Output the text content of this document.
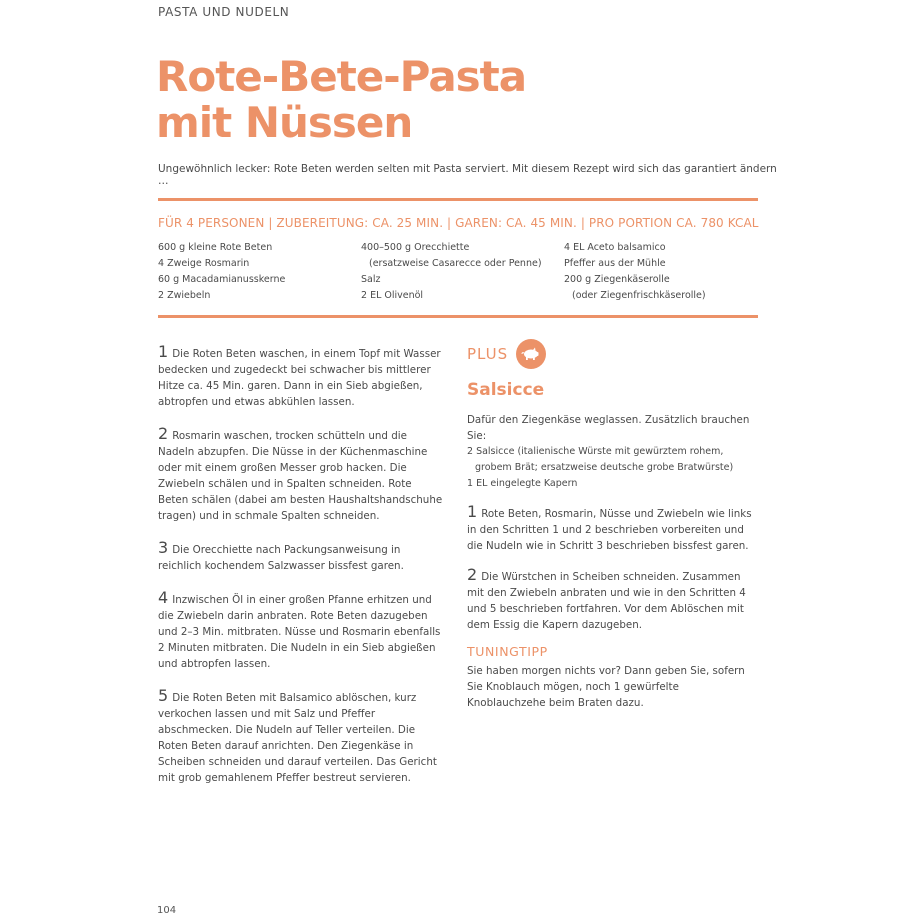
PASTA UND NUDELN
Rote-Bete-Pasta
mit Nüssen
Ungewöhnlich lecker: Rote Beten werden selten mit Pasta serviert. Mit diesem Rezept wird sich das garantiert ändern …
FÜR 4 PERSONEN | ZUBEREITUNG: CA. 25 MIN. | GAREN: CA. 45 MIN. | PRO PORTION CA. 780 KCAL
600 g kleine Rote Beten
4 Zweige Rosmarin
60 g Macadamianusskerne
2 Zwiebeln
400–500 g Orecchiette
(ersatzweise Casarecce oder Penne)
Salz
2 EL Olivenöl
4 EL Aceto balsamico
Pfeffer aus der Mühle
200 g Ziegenkäserolle
(oder Ziegenfrischkäserolle)
1 Die Roten Beten waschen, in einem Topf mit Wasser bedecken und zugedeckt bei schwacher bis mittlerer Hitze ca. 45 Min. garen. Dann in ein Sieb abgießen, abtropfen und etwas abkühlen lassen.
2 Rosmarin waschen, trocken schütteln und die Nadeln abzupfen. Die Nüsse in der Küchenmaschine oder mit einem großen Messer grob hacken. Die Zwiebeln schälen und in Spalten schneiden. Rote Beten schälen (dabei am besten Haushaltshandschuhe tragen) und in schmale Spalten schneiden.
3 Die Orecchiette nach Packungsanweisung in reichlich kochendem Salzwasser bissfest garen.
4 Inzwischen Öl in einer großen Pfanne erhitzen und die Zwiebeln darin anbraten. Rote Beten dazugeben und 2–3 Min. mitbraten. Nüsse und Rosmarin ebenfalls 2 Minuten mitbraten. Die Nudeln in ein Sieb abgießen und abtropfen lassen.
5 Die Roten Beten mit Balsamico ablöschen, kurz verkochen lassen und mit Salz und Pfeffer abschmecken. Die Nudeln auf Teller verteilen. Die Roten Beten darauf anrichten. Den Ziegenkäse in Scheiben schneiden und darauf verteilen. Das Gericht mit grob gemahlenem Pfeffer bestreut servieren.
PLUS
Salsicce
Dafür den Ziegenkäse weglassen. Zusätzlich brauchen Sie:
2 Salsicce (italienische Würste mit gewürztem rohem,
grobem Brät; ersatzweise deutsche grobe Bratwürste)
1 EL eingelegte Kapern
1 Rote Beten, Rosmarin, Nüsse und Zwiebeln wie links in den Schritten 1 und 2 beschrieben vorbereiten und die Nudeln wie in Schritt 3 beschrieben bissfest garen.
2 Die Würstchen in Scheiben schneiden. Zusammen mit den Zwiebeln anbraten und wie in den Schritten 4 und 5 beschrieben fortfahren. Vor dem Ablöschen mit dem Essig die Kapern dazugeben.
TUNINGTIPP
Sie haben morgen nichts vor? Dann geben Sie, sofern Sie Knoblauch mögen, noch 1 gewürfelte Knoblauchzehe beim Braten dazu.
104
